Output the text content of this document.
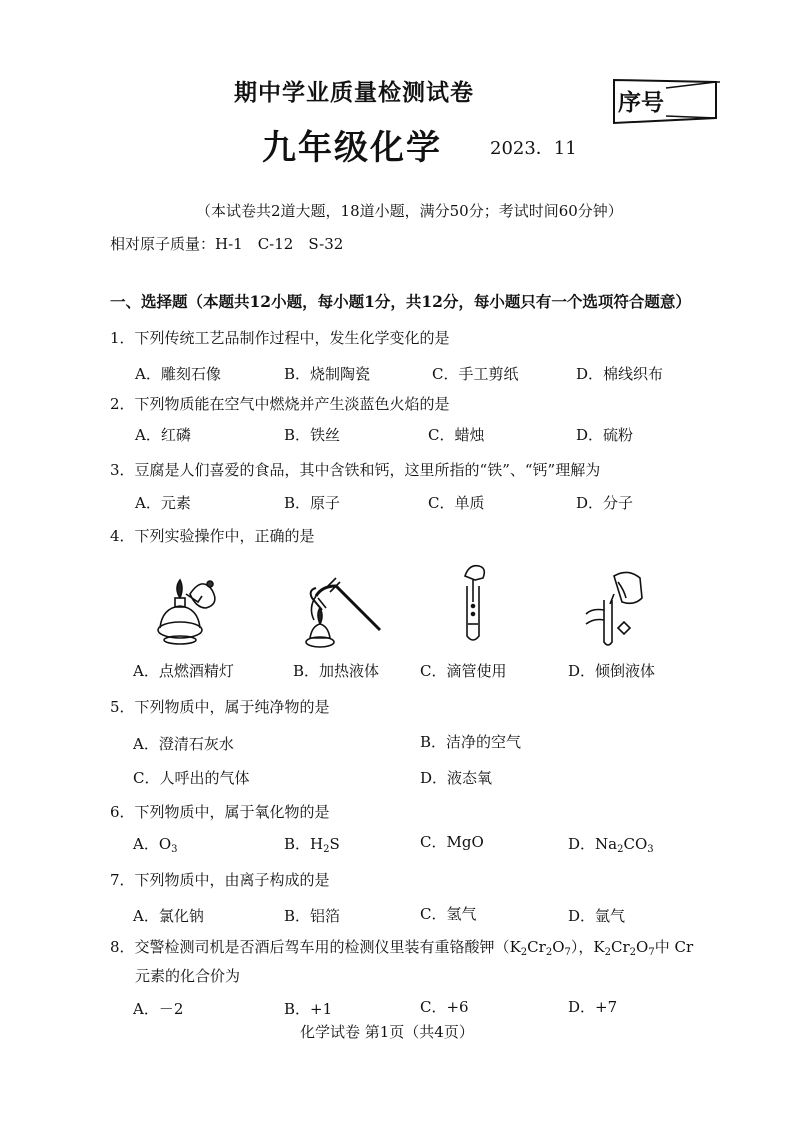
期中学业质量检测试卷
九年级化学	2023．11
序号
（本试卷共2道大题，18道小题，满分50分；考试时间60分钟）
相对原子质量：H-1　C-12　S-32
一、选择题（本题共12小题，每小题1分，共12分，每小题只有一个选项符合题意）
1．下列传统工艺品制作过程中，发生化学变化的是
A．雕刻石像	B．烧制陶瓷	C．手工剪纸	D．棉线织布
2．下列物质能在空气中燃烧并产生淡蓝色火焰的是
A．红磷	B．铁丝	C．蜡烛	D．硫粉
3．豆腐是人们喜爱的食品，其中含铁和钙，这里所指的“铁”、“钙”理解为
A．元素	B．原子	C．单质	D．分子
4．下列实验操作中，正确的是
A．点燃酒精灯	B．加热液体	C．滴管使用	D．倾倒液体
5．下列物质中，属于纯净物的是
A．澄清石灰水	B．洁净的空气
C．人呼出的气体	D．液态氧
6．下列物质中，属于氧化物的是
A．$O_3$	B．$H_2S$	C．MgO	D．$Na_2CO_3$
7．下列物质中，由离子构成的是
A．氯化钠	B．铝箔	C．氢气	D．氩气
8．交警检测司机是否酒后驾车用的检测仪里装有重铬酸钾$(K_2Cr_2O_7)$，$K_2Cr_2O_7$中 Cr
元素的化合价为
A．－2	B．+1	C．+6	D．+7
化学试卷 第1页（共4页）
